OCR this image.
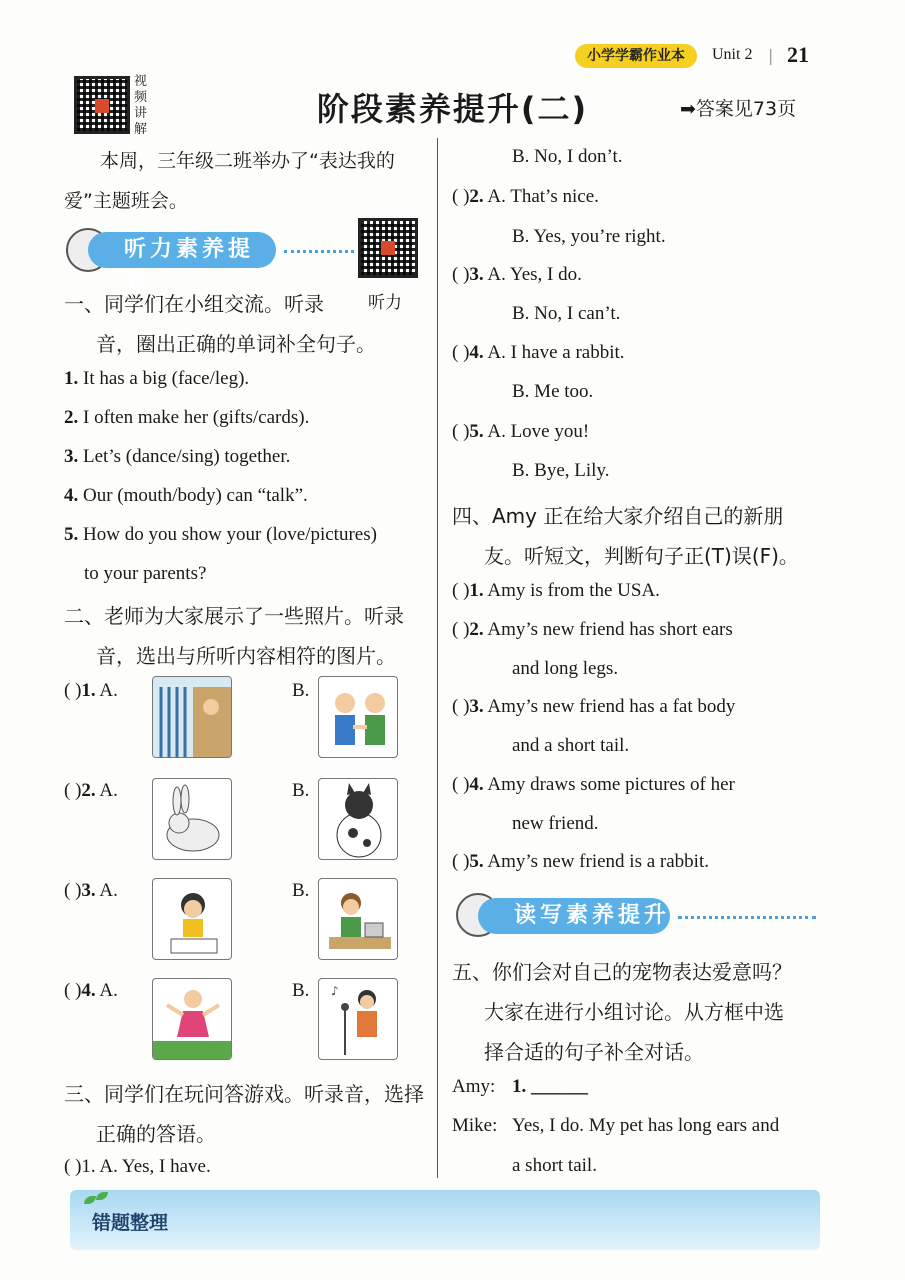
小学学霸作业本	Unit 2 | 21
视
频
讲
解
阶段素养提升(二)	➡答案见73页
本周，三年级二班举办了“表达我的
爱”主题班会。
听力素养提升
一、同学们在小组交流。听录	听力
音，圈出正确的单词补全句子。
1. It has a big (face/leg).
2. I often make her (gifts/cards).
3. Let’s (dance/sing) together.
4. Our (mouth/body) can “talk”.
5. How do you show your (love/pictures)
to your parents?
二、老师为大家展示了一些照片。听录
音，选出与所听内容相符的图片。
( )1. A.	B.
( )2. A.	B.
( )3. A.	B.
( )4. A.	B. ♪
三、同学们在玩问答游戏。听录音，选择
正确的答语。
( )1. A. Yes, I have.
B. No, I don’t.
( )2. A. That’s nice.
B. Yes, you’re right.
( )3. A. Yes, I do.
B. No, I can’t.
( )4. A. I have a rabbit.
B. Me too.
( )5. A. Love you!
B. Bye, Lily.
四、Amy 正在给大家介绍自己的新朋
友。听短文，判断句子正(T)误(F)。
( )1. Amy is from the USA.
( )2. Amy’s new friend has short ears
and long legs.
( )3. Amy’s new friend has a fat body
and a short tail.
( )4. Amy draws some pictures of her
new friend.
( )5. Amy’s new friend is a rabbit.
读写素养提升
五、你们会对自己的宠物表达爱意吗？
大家在进行小组讨论。从方框中选
择合适的句子补全对话。
Amy: 1. ______
Mike: Yes, I do. My pet has long ears and
a short tail.
错题整理
